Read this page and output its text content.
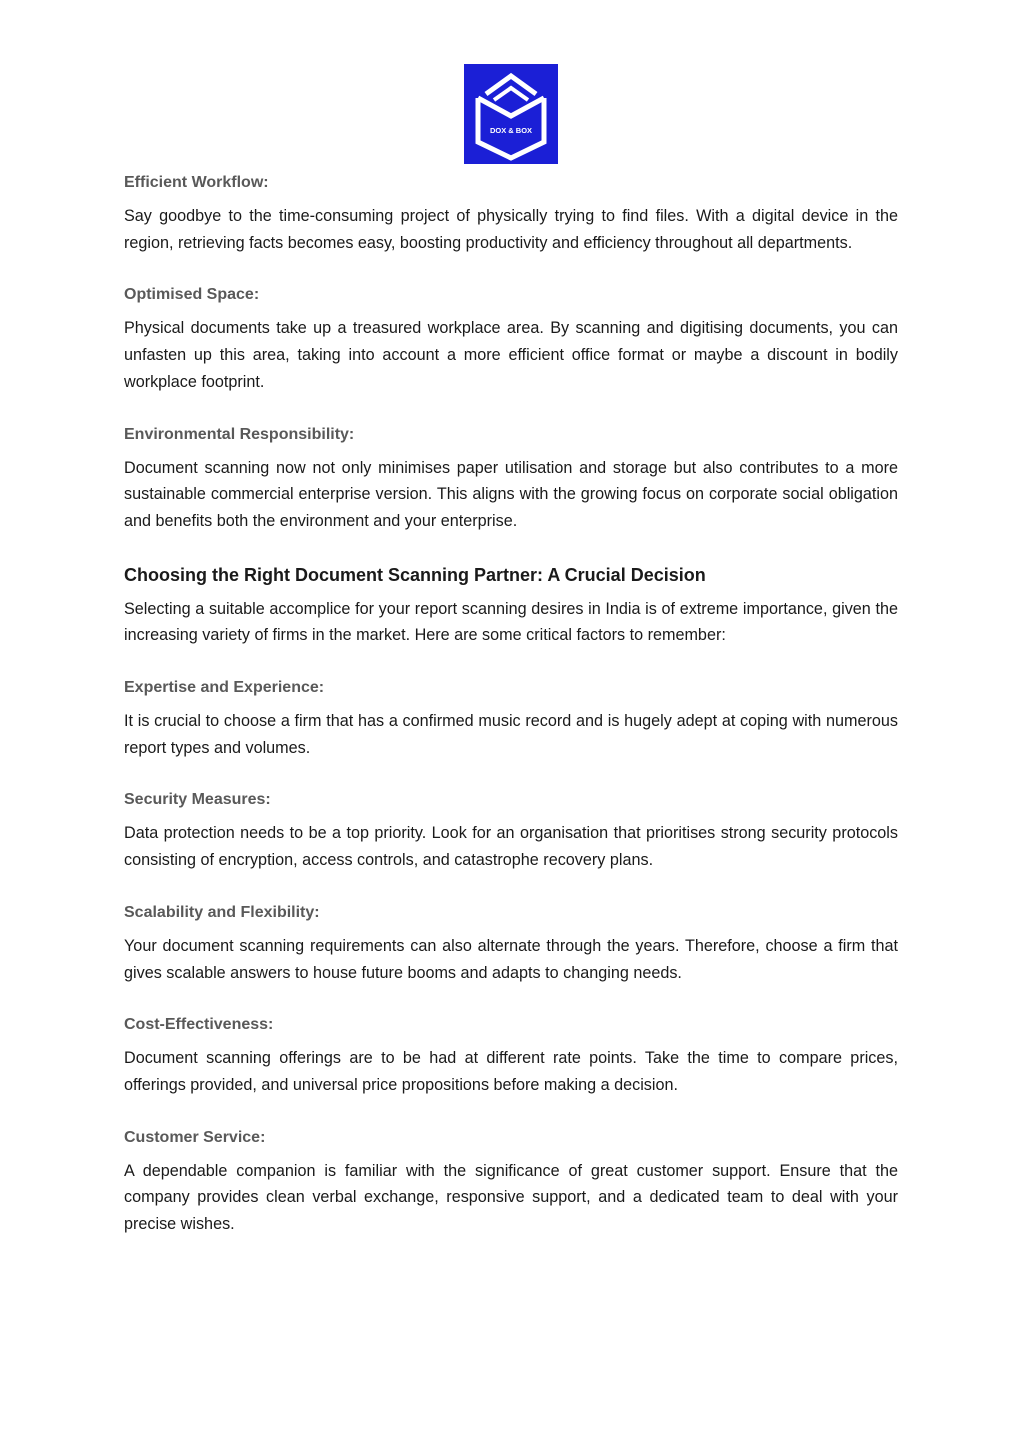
DOX & BOX

Efficient Workflow:

Say goodbye to the time-consuming project of physically trying to find files. With a digital device in the region, retrieving facts becomes easy, boosting productivity and efficiency throughout all departments.

Optimised Space:

Physical documents take up a treasured workplace area. By scanning and digitising documents, you can unfasten up this area, taking into account a more efficient office format or maybe a discount in bodily workplace footprint.

Environmental Responsibility:

Document scanning now not only minimises paper utilisation and storage but also contributes to a more sustainable commercial enterprise version. This aligns with the growing focus on corporate social obligation and benefits both the environment and your enterprise.

Choosing the Right Document Scanning Partner: A Crucial Decision

Selecting a suitable accomplice for your report scanning desires in India is of extreme importance, given the increasing variety of firms in the market. Here are some critical factors to remember:

Expertise and Experience:

It is crucial to choose a firm that has a confirmed music record and is hugely adept at coping with numerous report types and volumes.

Security Measures:

Data protection needs to be a top priority. Look for an organisation that prioritises strong security protocols consisting of encryption, access controls, and catastrophe recovery plans.

Scalability and Flexibility:

Your document scanning requirements can also alternate through the years. Therefore, choose a firm that gives scalable answers to house future booms and adapts to changing needs.

Cost-Effectiveness:

Document scanning offerings are to be had at different rate points. Take the time to compare prices, offerings provided, and universal price propositions before making a decision.

Customer Service:

A dependable companion is familiar with the significance of great customer support. Ensure that the company provides clean verbal exchange, responsive support, and a dedicated team to deal with your precise wishes.
